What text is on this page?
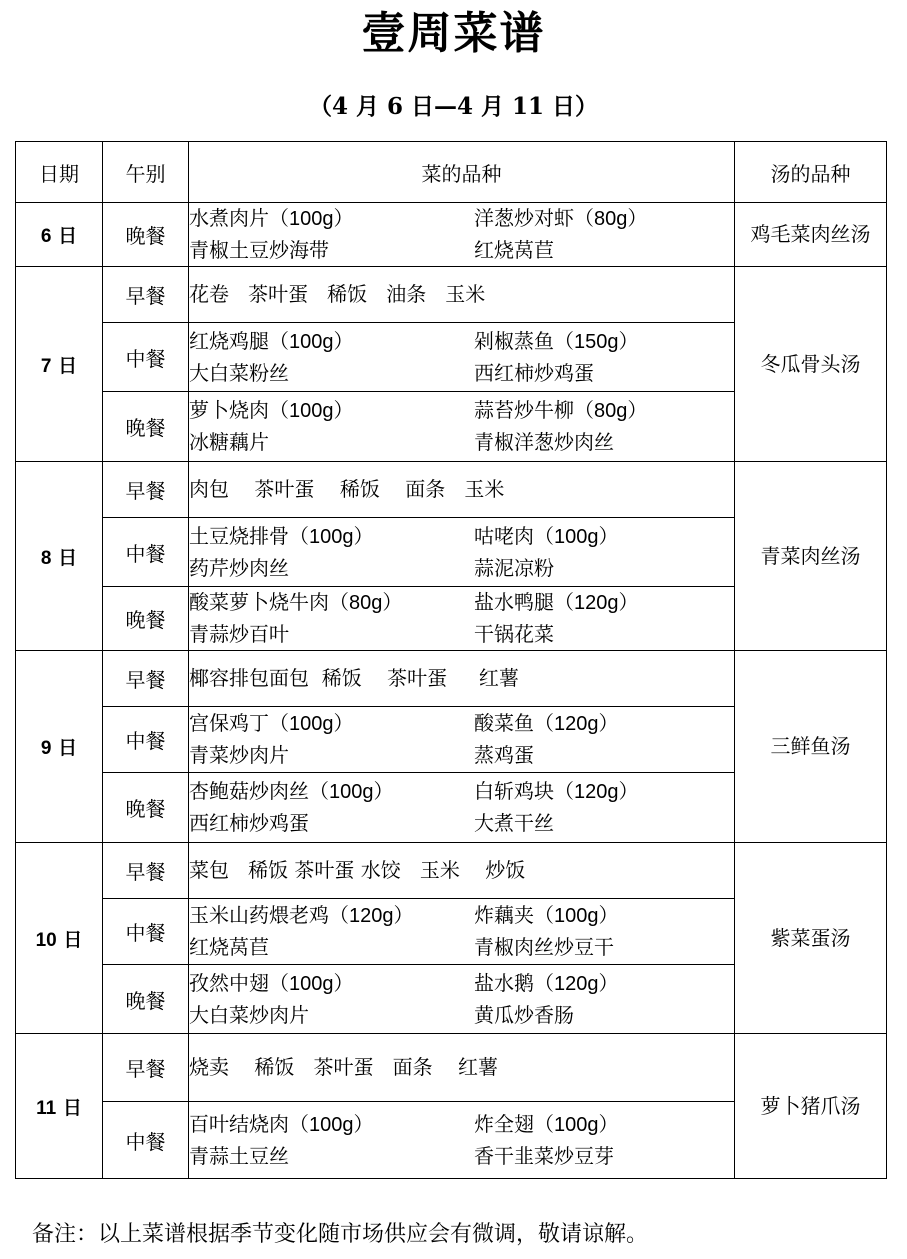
壹周菜谱
（4 月 6 日—4 月 11 日）
日期	午别	菜的品种	汤的品种
6 日	晚餐	水煮肉片（100g） 洋葱炒对虾（80g）
青椒土豆炒海带 红烧莴苣	鸡毛菜肉丝汤
7 日	早餐	花卷   茶叶蛋   稀饭   油条   玉米	冬瓜骨头汤
	中餐	红烧鸡腿（100g） 剁椒蒸鱼（150g）
大白菜粉丝 西红柿炒鸡蛋	

	晚餐	萝卜烧肉（100g） 蒜苔炒牛柳（80g）
冰糖藕片 青椒洋葱炒肉丝	

8 日	早餐	肉包    茶叶蛋    稀饭    面条   玉米	青菜肉丝汤
	中餐	土豆烧排骨（100g） 咕咾肉（100g）
药芹炒肉丝 蒜泥凉粉	

	晚餐	酸菜萝卜烧牛肉（80g） 盐水鸭腿（120g）
青蒜炒百叶 干锅花菜	

9 日	早餐	椰容排包面包  稀饭    茶叶蛋     红薯	三鲜鱼汤
	中餐	宫保鸡丁（100g） 酸菜鱼（120g）
青菜炒肉片 蒸鸡蛋	

	晚餐	杏鲍菇炒肉丝（100g） 白斩鸡块（120g）
西红柿炒鸡蛋 大煮干丝	

10 日	早餐	菜包   稀饭 茶叶蛋 水饺   玉米    炒饭	紫菜蛋汤
	中餐	玉米山药煨老鸡（120g） 炸藕夹（100g）
红烧莴苣 青椒肉丝炒豆干	

	晚餐	孜然中翅（100g） 盐水鹅（120g）
大白菜炒肉片 黄瓜炒香肠	

11 日	早餐	烧卖    稀饭   茶叶蛋   面条    红薯	萝卜猪爪汤
	中餐	百叶结烧肉（100g） 炸全翅（100g）
青蒜土豆丝 香干韭菜炒豆芽	
备注：以上菜谱根据季节变化随市场供应会有微调，敬请谅解。
